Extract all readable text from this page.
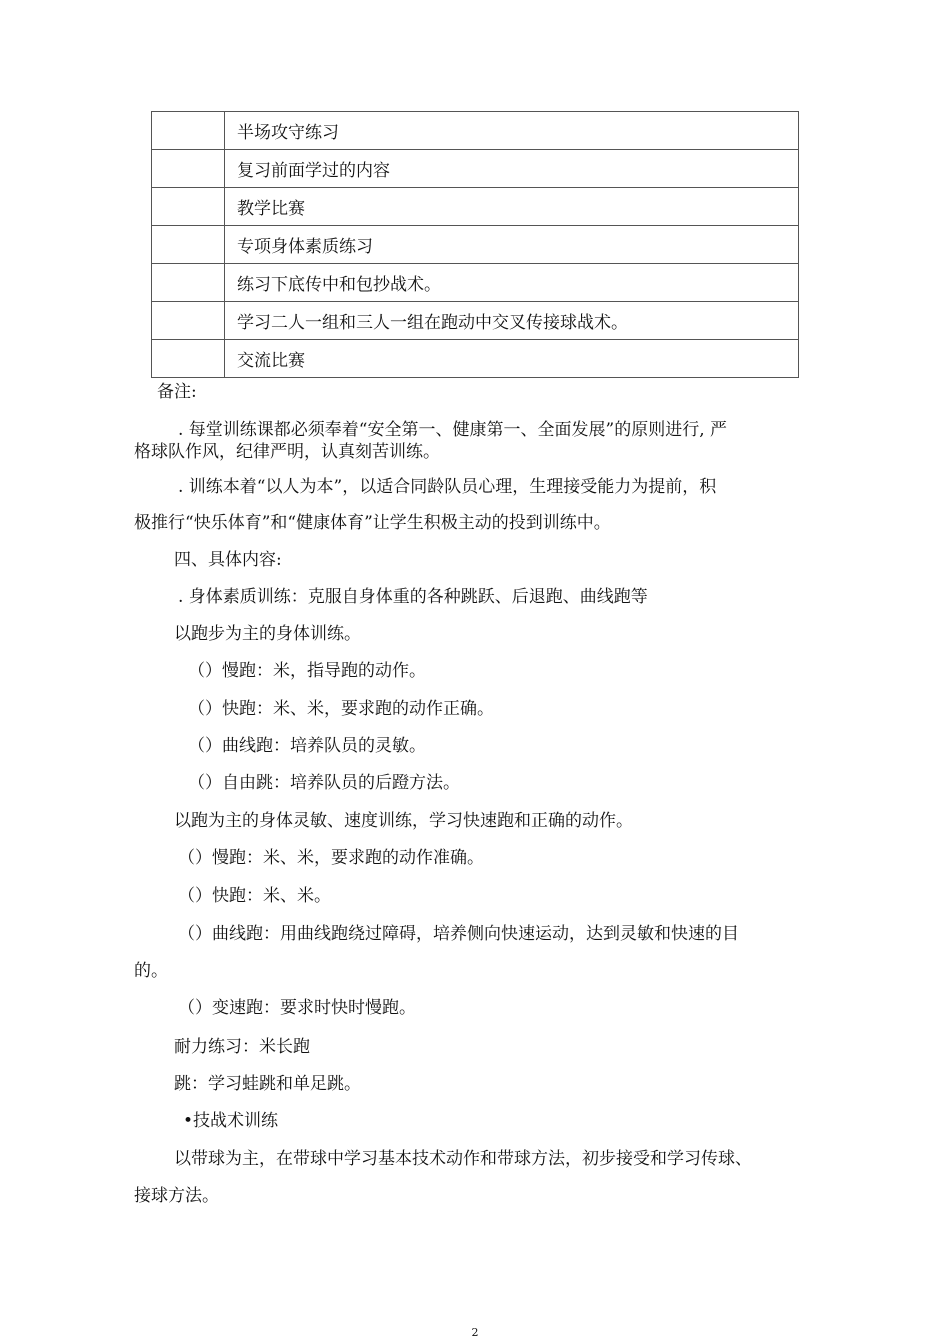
	半场攻守练习
	复习前面学过的内容
	教学比赛
	专项身体素质练习
	练习下底传中和包抄战术。
	学习二人一组和三人一组在跑动中交叉传接球战术。
	交流比赛
备注:
. 每堂训练课都必须奉着“安全第一、健康第一、全面发展”的原则进行, 严
格球队作风，纪律严明，认真刻苦训练。
. 训练本着“以人为本”，以适合同龄队员心理，生理接受能力为提前，积
极推行“快乐体育”和“健康体育”让学生积极主动的投到训练中。
四、具体内容:
. 身体素质训练：克服自身体重的各种跳跃、后退跑、曲线跑等
以跑步为主的身体训练。
（）慢跑：米，指导跑的动作。
（）快跑：米、米，要求跑的动作正确。
（）曲线跑：培养队员的灵敏。
（）自由跳：培养队员的后蹬方法。
以跑为主的身体灵敏、速度训练，学习快速跑和正确的动作。
（）慢跑：米、米，要求跑的动作准确。
（）快跑：米、米。
（）曲线跑：用曲线跑绕过障碍，培养侧向快速运动，达到灵敏和快速的目
的。
（）变速跑：要求时快时慢跑。
耐力练习：米长跑
跳：学习蛙跳和单足跳。
•技战术训练
以带球为主，在带球中学习基本技术动作和带球方法，初步接受和学习传球、
接球方法。
2
